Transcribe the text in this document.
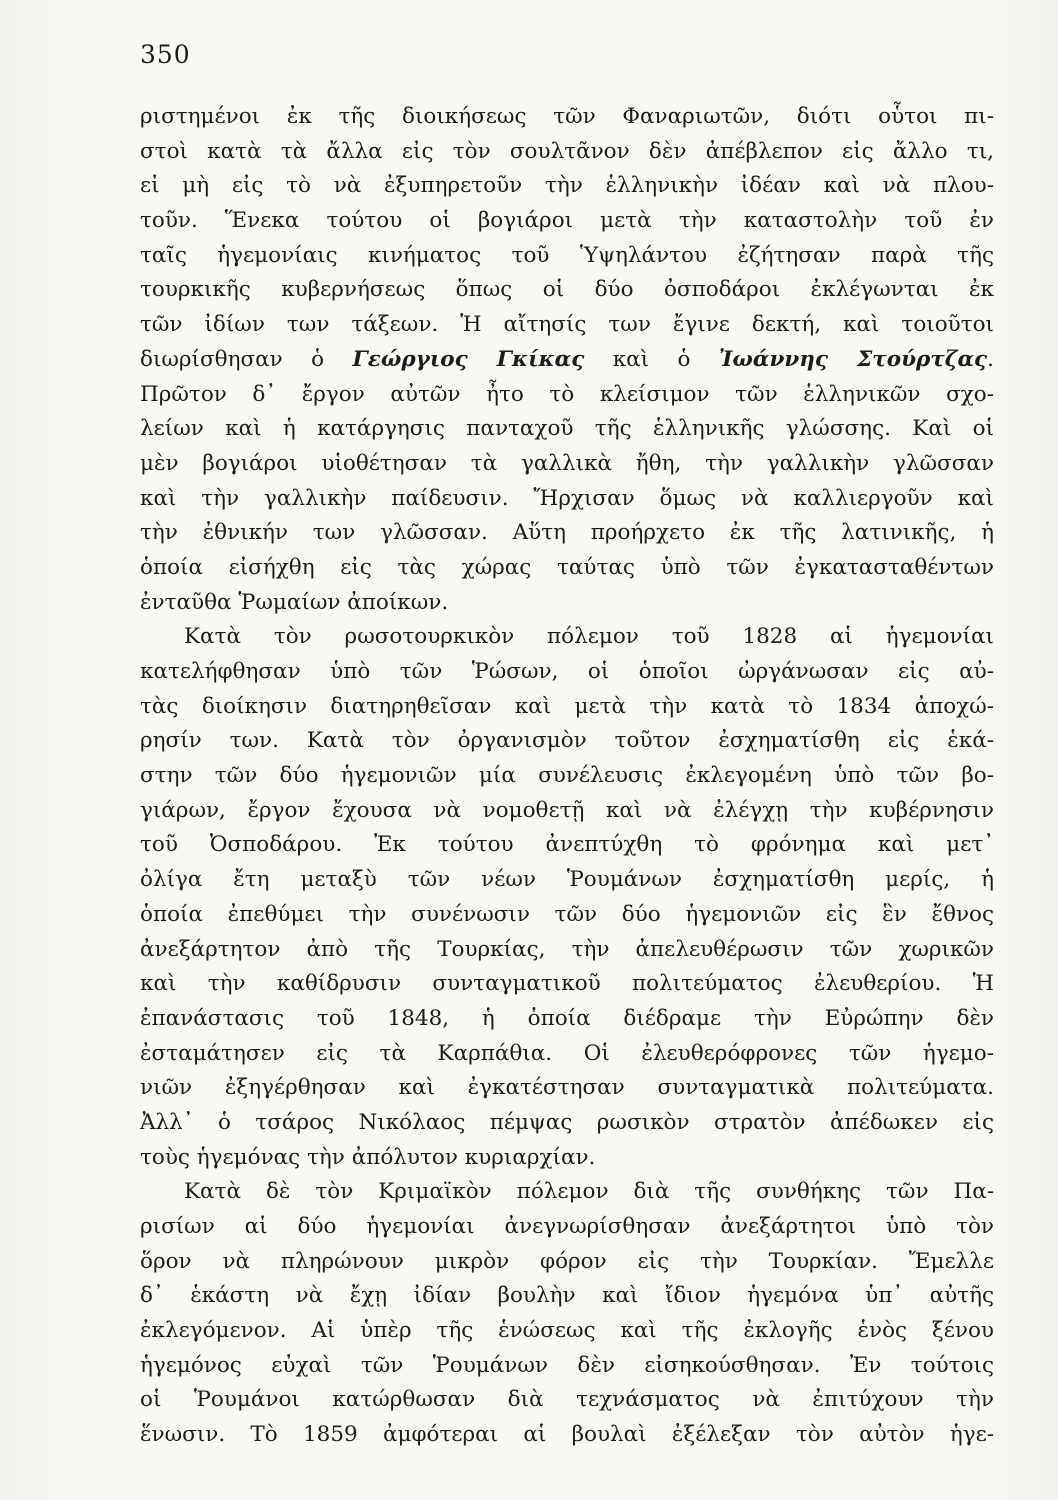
350
ριστημένοι ἐκ τῆς διοικήσεως τῶν Φαναριωτῶν, διότι οὗτοι πι-
στοὶ κατὰ τὰ ἄλλα εἰς τὸν σουλτᾶνον δὲν ἀπέβλεπον εἰς ἄλλο τι,
εἰ μὴ εἰς τὸ νὰ ἐξυπηρετοῦν τὴν ἑλληνικὴν ἰδέαν καὶ νὰ πλου-
τοῦν. Ἕνεκα τούτου οἱ βογιάροι μετὰ τὴν καταστολὴν τοῦ ἐν
ταῖς ἡγεμονίαις κινήματος τοῦ Ὑψηλάντου ἐζήτησαν παρὰ τῆς
τουρκικῆς κυβερνήσεως ὅπως οἱ δύο ὀσποδάροι ἐκλέγωνται ἐκ
τῶν ἰδίων των τάξεων. Ἡ αἴτησίς των ἔγινε δεκτή, καὶ τοιοῦτοι
διωρίσθησαν ὁ Γεώργιος Γκίκας καὶ ὁ Ἰωάννης Στούρτζας.
Πρῶτον δ᾽ ἔργον αὐτῶν ἦτο τὸ κλείσιμον τῶν ἑλληνικῶν σχο-
λείων καὶ ἡ κατάργησις πανταχοῦ τῆς ἑλληνικῆς γλώσσης. Καὶ οἱ
μὲν βογιάροι υἱοθέτησαν τὰ γαλλικὰ ἤθη, τὴν γαλλικὴν γλῶσσαν
καὶ τὴν γαλλικὴν παίδευσιν. Ἤρχισαν ὅμως νὰ καλλιεργοῦν καὶ
τὴν ἐθνικήν των γλῶσσαν. Αὕτη προήρχετο ἐκ τῆς λατινικῆς, ἡ
ὁποία εἰσήχθη εἰς τὰς χώρας ταύτας ὑπὸ τῶν ἐγκατασταθέντων
ἐνταῦθα Ῥωμαίων ἀποίκων.
Κατὰ τὸν ρωσοτουρκικὸν πόλεμον τοῦ 1828 αἱ ἡγεμονίαι
κατελήφθησαν ὑπὸ τῶν Ῥώσων, οἱ ὁποῖοι ὠργάνωσαν εἰς αὐ-
τὰς διοίκησιν διατηρηθεῖσαν καὶ μετὰ τὴν κατὰ τὸ 1834 ἀποχώ-
ρησίν των. Κατὰ τὸν ὀργανισμὸν τοῦτον ἐσχηματίσθη εἰς ἑκά-
στην τῶν δύο ἡγεμονιῶν μία συνέλευσις ἐκλεγομένη ὑπὸ τῶν βο-
γιάρων, ἔργον ἔχουσα νὰ νομοθετῇ καὶ νὰ ἐλέγχῃ τὴν κυβέρνησιν
τοῦ Ὀσποδάρου. Ἐκ τούτου ἀνεπτύχθη τὸ φρόνημα καὶ μετ᾽
ὀλίγα ἔτη μεταξὺ τῶν νέων Ῥουμάνων ἐσχηματίσθη μερίς, ἡ
ὁποία ἐπεθύμει τὴν συνένωσιν τῶν δύο ἡγεμονιῶν εἰς ἓν ἔθνος
ἀνεξάρτητον ἀπὸ τῆς Τουρκίας, τὴν ἀπελευθέρωσιν τῶν χωρικῶν
καὶ τὴν καθίδρυσιν συνταγματικοῦ πολιτεύματος ἐλευθερίου. Ἡ
ἐπανάστασις τοῦ 1848, ἡ ὁποία διέδραμε τὴν Εὐρώπην δὲν
ἐσταμάτησεν εἰς τὰ Καρπάθια. Οἱ ἐλευθερόφρονες τῶν ἡγεμο-
νιῶν ἐξηγέρθησαν καὶ ἐγκατέστησαν συνταγματικὰ πολιτεύματα.
Ἀλλ᾽ ὁ τσάρος Νικόλαος πέμψας ρωσικὸν στρατὸν ἀπέδωκεν εἰς
τοὺς ἡγεμόνας τὴν ἀπόλυτον κυριαρχίαν.
Κατὰ δὲ τὸν Κριμαϊκὸν πόλεμον διὰ τῆς συνθήκης τῶν Πα-
ρισίων αἱ δύο ἡγεμονίαι ἀνεγνωρίσθησαν ἀνεξάρτητοι ὑπὸ τὸν
ὅρον νὰ πληρώνουν μικρὸν φόρον εἰς τὴν Τουρκίαν. Ἔμελλε
δ᾽ ἑκάστη νὰ ἔχῃ ἰδίαν βουλὴν καὶ ἴδιον ἡγεμόνα ὑπ᾽ αὐτῆς
ἐκλεγόμενον. Αἱ ὑπὲρ τῆς ἑνώσεως καὶ τῆς ἐκλογῆς ἑνὸς ξένου
ἡγεμόνος εὐχαὶ τῶν Ῥουμάνων δὲν εἰσηκούσθησαν. Ἐν τούτοις
οἱ Ῥουμάνοι κατώρθωσαν διὰ τεχνάσματος νὰ ἐπιτύχουν τὴν
ἕνωσιν. Τὸ 1859 ἀμφότεραι αἱ βουλαὶ ἐξέλεξαν τὸν αὐτὸν ἡγε-
